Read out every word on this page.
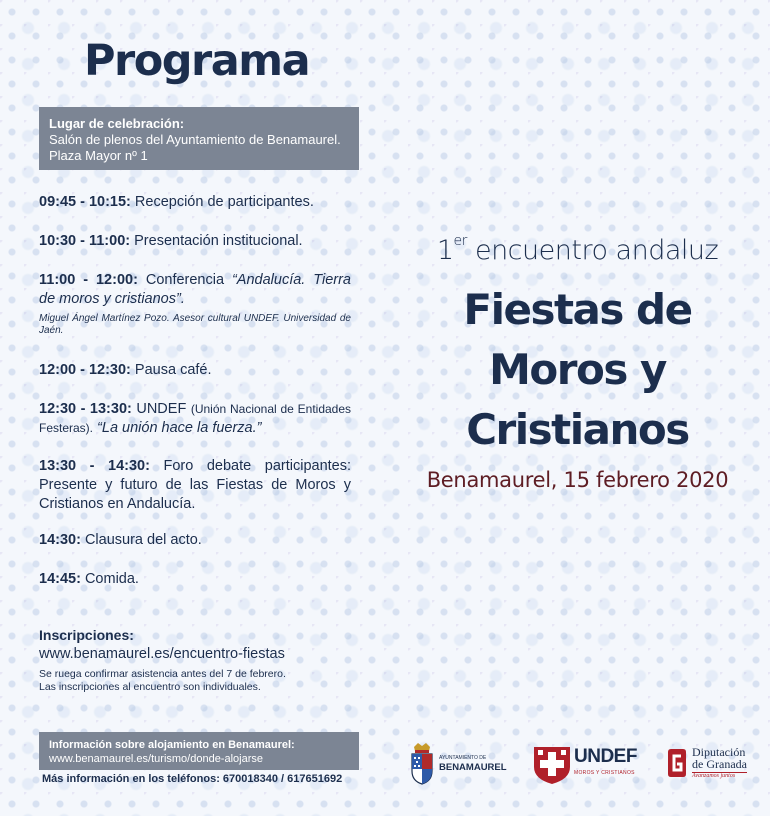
Programa
Lugar de celebración:
Salón de plenos del Ayuntamiento de Benamaurel.
Plaza Mayor nº 1
09:45 - 10:15: Recepción de participantes.
10:30 - 11:00: Presentación institucional.
11:00 - 12:00: Conferencia “Andalucía. Tierra de moros y cristianos”.
Miguel Ángel Martínez Pozo. Asesor cultural UNDEF. Universidad de Jaén.
12:00 - 12:30: Pausa café.
12:30 - 13:30: UNDEF (Unión Nacional de Entidades Festeras). “La unión hace la fuerza.”
13:30 - 14:30: Foro debate participantes: Presente y futuro de las Fiestas de Moros y Cristianos en Andalucía.
14:30: Clausura del acto.
14:45: Comida.
Inscripciones:
www.benamaurel.es/encuentro-fiestas
Se ruega confirmar asistencia antes del 7 de febrero.
Las inscripciones al encuentro son individuales.
Información sobre alojamiento en Benamaurel:
www.benamaurel.es/turismo/donde-alojarse
Más información en los teléfonos: 670018340 / 617651692
1er encuentro andaluz
Fiestas de
Moros y
Cristianos
Benamaurel, 15 febrero 2020
AYUNTAMIENTO DE
BENAMAUREL
UNDEF
MOROS Y CRISTIANOS
Diputación
de Granada
Avanzamos juntos
